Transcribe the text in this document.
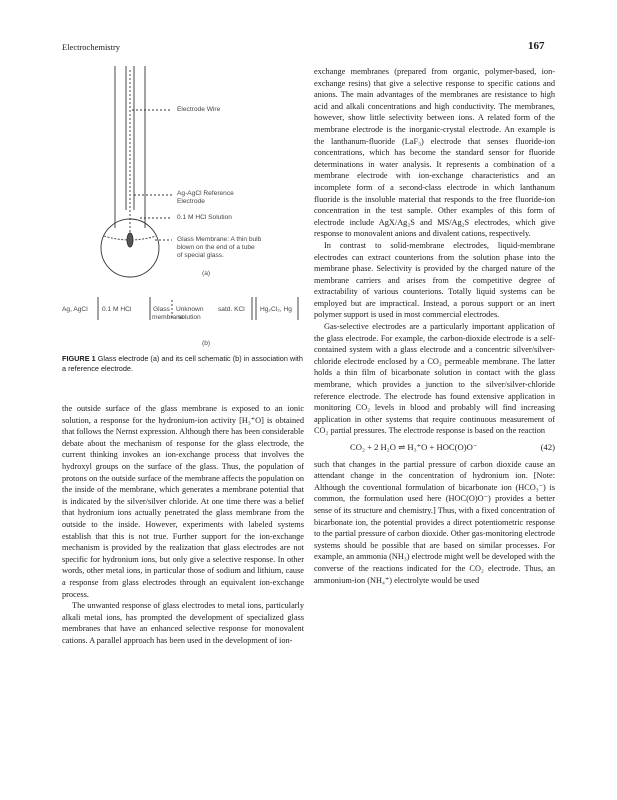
Electrochemistry	167
Electrode Wire
Ag-AgCl Reference
Electrode
0.1 M HCl Solution
Glass Membrane: A thin bulb
blown on the end of a tube
of special glass.
(a)
Ag, AgCl 0.1 M HCl	Glass
membrane
Unknown
solution
satd. KCl Hg₂Cl₂, Hg
(b)
FIGURE 1 Glass electrode (a) and its cell schematic (b) in association with a reference electrode.

the outside surface of the glass membrane is exposed to an ionic solution, a response for the hydronium-ion activity [H₃⁺O] is obtained that follows the Nernst expression. Although there has been considerable debate about the mechanism of response for the glass electrode, the current thinking invokes an ion-exchange process that involves the hydroxyl groups on the surface of the glass. Thus, the population of protons on the outside surface of the membrane affects the population on the inside of the membrane, which generates a membrane potential that is indicated by the silver/silver chloride. At one time there was a belief that hydronium ions actually penetrated the glass membrane from the outside to the inside. However, experiments with labeled systems establish that this is not true. Further support for the ion-exchange mechanism is provided by the realization that glass electrodes are not specific for hydronium ions, but only give a selective response. In other words, other metal ions, in particular those of sodium and lithium, cause a response from glass electrodes through an equivalent ion-exchange process.

The unwanted response of glass electrodes to metal ions, particularly alkali metal ions, has prompted the development of specialized glass membranes that have an enhanced selective response for monovalent cations. A parallel approach has been used in the development of ion-

exchange membranes (prepared from organic, polymer-based, ion-exchange resins) that give a selective response to specific cations and anions. The main advantages of the membranes are resistance to high acid and alkali concentrations and high conductivity. The membranes, however, show little selectivity between ions. A related form of the membrane electrode is the inorganic-crystal electrode. An example is the lanthanum-fluoride (LaF₃) electrode that senses fluoride-ion concentrations, which has become the standard sensor for fluoride determinations in water analysis. It represents a combination of a membrane electrode with ion-exchange characteristics and an incomplete form of a second-class electrode in which lanthanum fluoride is the insoluble material that responds to the free fluoride-ion concentration in the test sample. Other examples of this form of electrode include AgX/Ag₂S and MS/Ag₂S electrodes, which give response to monovalent anions and divalent cations, respectively.

In contrast to solid-membrane electrodes, liquid-membrane electrodes can extract counterions from the solution phase into the membrane phase. Selectivity is provided by the charged nature of the membrane carriers and arises from the competitive degree of extractability of various counterions. Totally liquid systems can be employed but are impractical. Instead, a porous support or an inert polymer support is used in most commercial electrodes.

Gas-selective electrodes are a particularly important application of the glass electrode. For example, the carbon-dioxide electrode is a self-contained system with a glass electrode and a concentric silver/silver-chloride electrode enclosed by a CO₂ permeable membrane. The latter holds a thin film of bicarbonate solution in contact with the glass membrane, which provides a junction to the silver/silver-chloride reference electrode. The electrode has found extensive application in monitoring CO₂ levels in blood and probably will find increasing application in other systems that require continuous measurement of CO₂ partial pressures. The electrode response is based on the reaction

CO₂ + 2 H₂O ⇌ H₃⁺O + HOC(O)O⁻	(42)

such that changes in the partial pressure of carbon dioxide cause an attendant change in the concentration of hydronium ion. [Note: Although the coventional formulation of bicarbonate ion (HCO₃⁻) is common, the formulation used here (HOC(O)O⁻) provides a better sense of its structure and chemistry.] Thus, with a fixed concentration of bicarbonate ion, the potential provides a direct potentiometric response to the partial pressure of carbon dioxide. Other gas-monitoring electrode systems should be possible that are based on similar processes. For example, an ammonia (NH₃) electrode might well be developed with the converse of the reactions indicated for the CO₂ electrode. Thus, an ammonium-ion (NH₄⁺) electrolyte would be used
